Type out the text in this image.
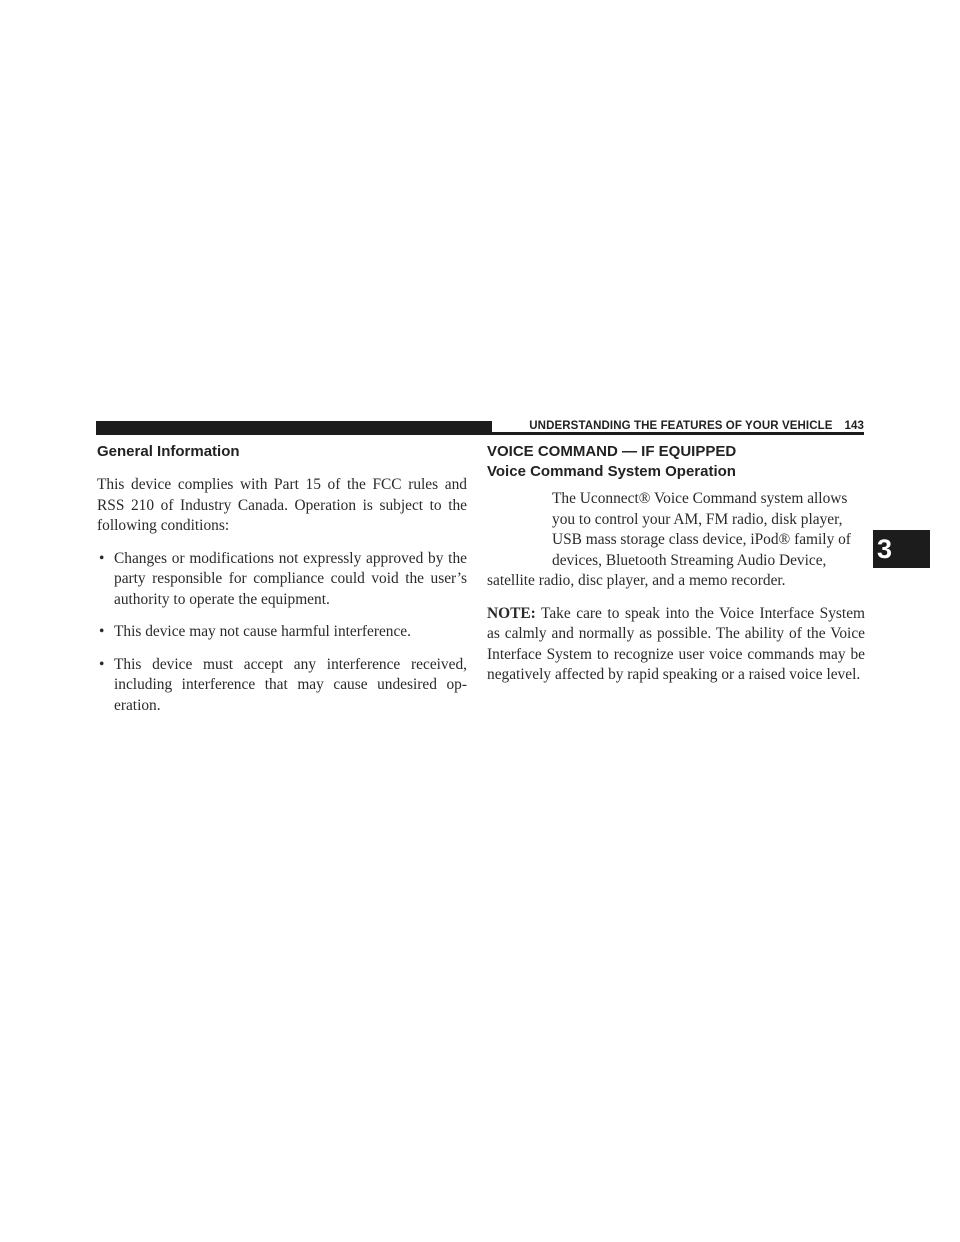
UNDERSTANDING THE FEATURES OF YOUR VEHICLE 143
3
General Information

This device complies with Part 15 of the FCC rules and RSS 210 of Industry Canada. Operation is subject to the following conditions:

• Changes or modifications not expressly approved by the party responsible for compliance could void the user’s authority to operate the equipment.
• This device may not cause harmful interference.
• This device must accept any interference received, including interference that may cause undesired op-eration.
VOICE COMMAND — IF EQUIPPED
Voice Command System Operation

The Uconnect® Voice Command system allows

you to control your AM, FM radio, disk player,

USB mass storage class device, iPod® family of

devices, Bluetooth Streaming Audio Device,

satellite radio, disc player, and a memo recorder.

NOTE: Take care to speak into the Voice Interface System as calmly and normally as possible. The ability of the Voice Interface System to recognize user voice commands may be negatively affected by rapid speaking or a raised voice level.
